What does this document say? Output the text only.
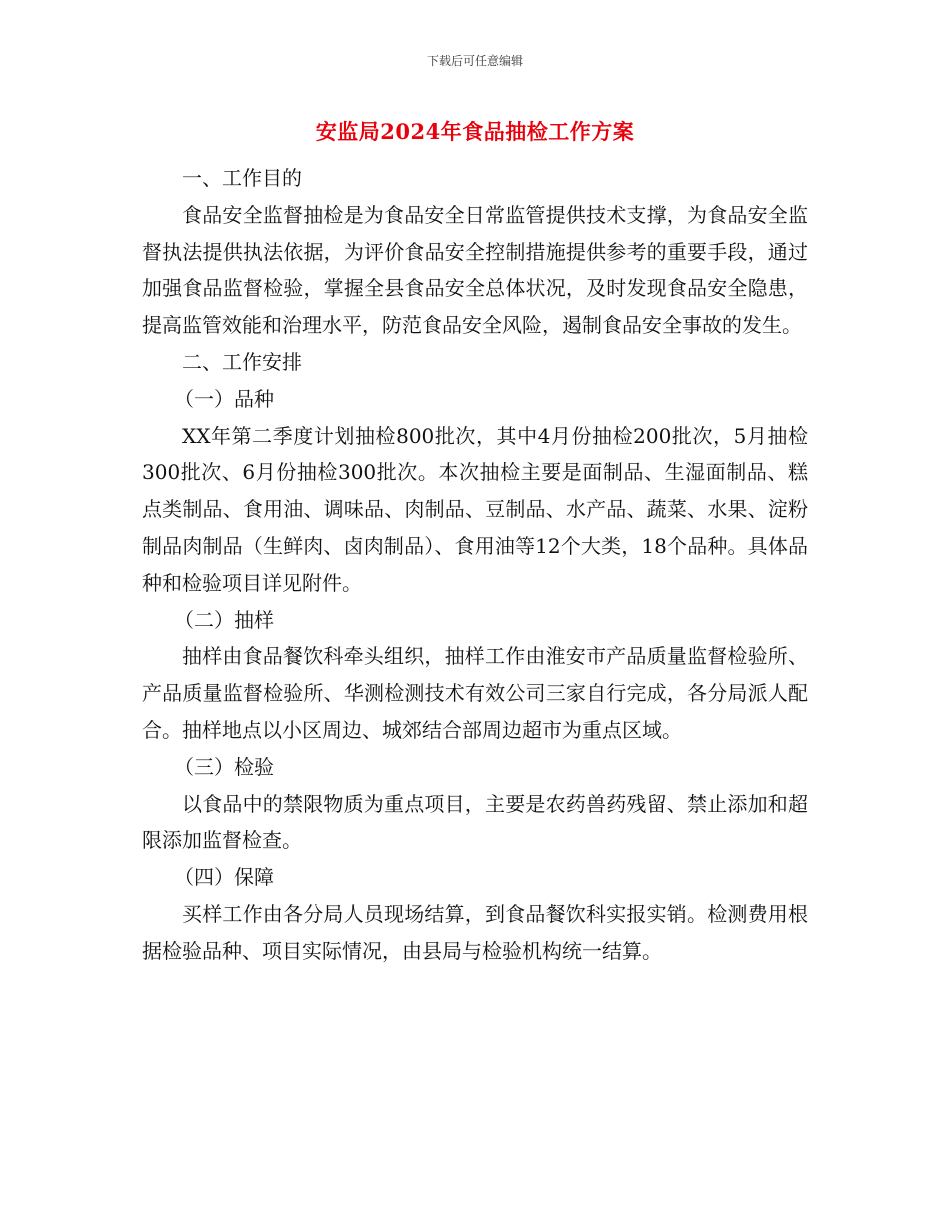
下载后可任意编辑
安监局2024年食品抽检工作方案

一、工作目的

食品安全监督抽检是为食品安全日常监管提供技术支撑，为食品安全监督执法提供执法依据，为评价食品安全控制措施提供参考的重要手段，通过加强食品监督检验，掌握全县食品安全总体状况，及时发现食品安全隐患，提高监管效能和治理水平，防范食品安全风险，遏制食品安全事故的发生。

二、工作安排

（一）品种

XX年第二季度计划抽检800批次，其中4月份抽检200批次，5月抽检300批次、6月份抽检300批次。本次抽检主要是面制品、生湿面制品、糕点类制品、食用油、调味品、肉制品、豆制品、水产品、蔬菜、水果、淀粉制品肉制品（生鲜肉、卤肉制品）、食用油等12个大类，18个品种。具体品种和检验项目详见附件。

（二）抽样

抽样由食品餐饮科牵头组织，抽样工作由淮安市产品质量监督检验所、产品质量监督检验所、华测检测技术有效公司三家自行完成，各分局派人配合。抽样地点以小区周边、城郊结合部周边超市为重点区域。

（三）检验

以食品中的禁限物质为重点项目，主要是农药兽药残留、禁止添加和超限添加监督检查。

（四）保障

买样工作由各分局人员现场结算，到食品餐饮科实报实销。检测费用根据检验品种、项目实际情况，由县局与检验机构统一结算。
